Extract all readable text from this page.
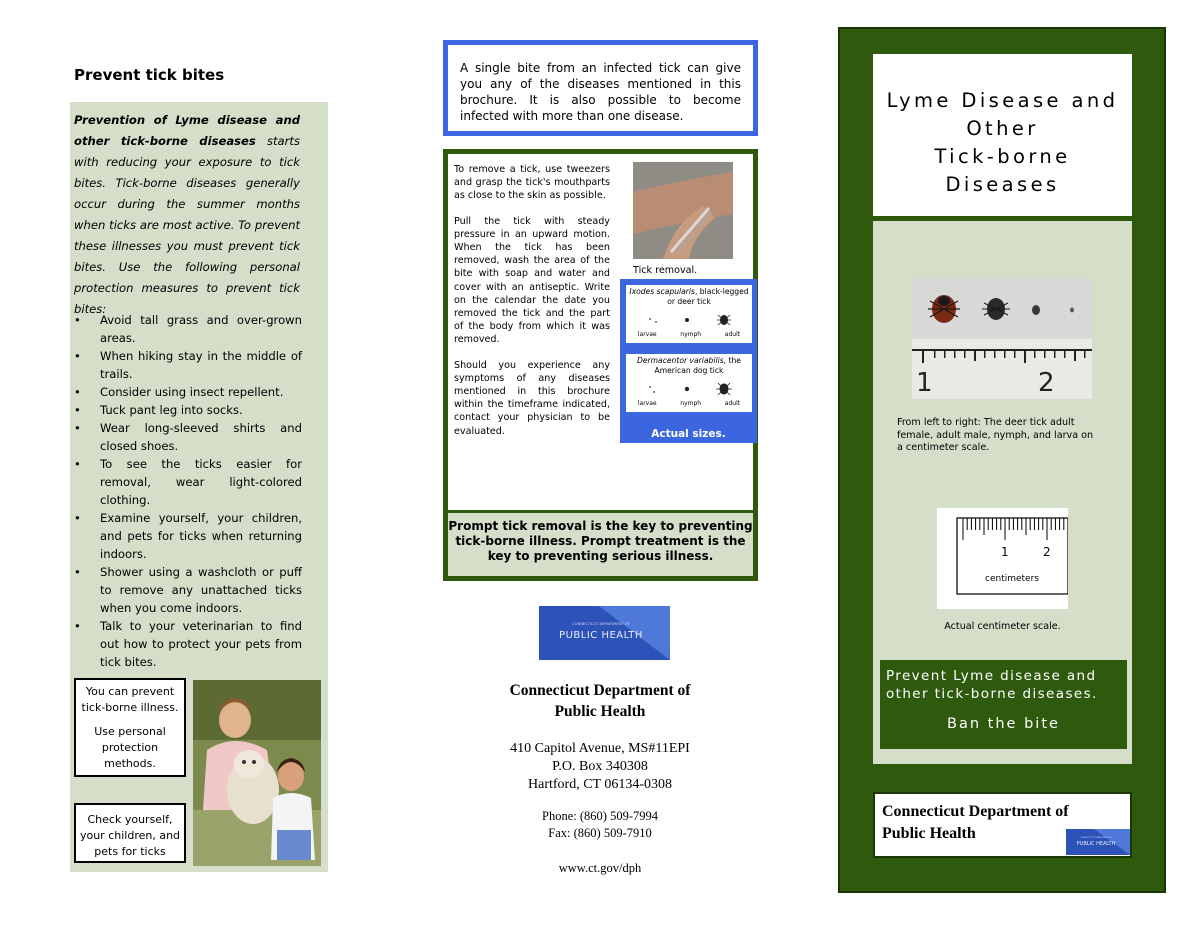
Prevent tick bites
Prevention of Lyme disease and other tick-borne diseases starts with reducing your exposure to tick bites. Tick-borne diseases generally occur during the summer months when ticks are most active. To prevent these illnesses you must prevent tick bites. Use the following personal protection measures to prevent tick bites:
• Avoid tall grass and over-grown areas.
• When hiking stay in the middle of trails.
• Consider using insect repellent.
• Tuck pant leg into socks.
• Wear long-sleeved shirts and closed shoes.
• To see the ticks easier for removal, wear light-colored clothing.
• Examine yourself, your children, and pets for ticks when returning indoors.
• Shower using a washcloth or puff to remove any unattached ticks when you come indoors.
• Talk to your veterinarian to find out how to protect your pets from tick bites.
You can prevent tick-borne illness.
Use personal protection methods.
Check yourself, your children, and pets for ticks
A single bite from an infected tick can give you any of the diseases mentioned in this brochure. It is also possible to become infected with more than one disease.

To remove a tick, use tweezers and grasp the tick's mouthparts as close to the skin as possible.

Pull the tick with steady pressure in an upward motion. When the tick has been removed, wash the area of the bite with soap and water and cover with an antiseptic. Write on the calendar the date you removed the tick and the part of the body from which it was removed.

Should you experience any symptoms of any diseases mentioned in this brochure within the timeframe indicated, contact your physician to be evaluated.

Tick removal.
Ixodes scapularis, black-legged or deer tick
larvae	nymph	adult
Dermacentor variabilis, the American dog tick
larvae	nymph	adult
Actual sizes.
Prompt tick removal is the key to preventing tick-borne illness. Prompt treatment is the key to preventing serious illness.
CONNECTICUT DEPARTMENT OF
PUBLIC HEALTH
Connecticut Department of
Public Health
410 Capitol Avenue, MS#11EPI
P.O. Box 340308
Hartford, CT 06134-0308
Phone: (860) 509-7994
Fax: (860) 509-7910
www.ct.gov/dph
Lyme Disease and
Other
Tick-borne
Diseases
1	2
From left to right: The deer tick adult female, adult male, nymph, and larva on a centimeter scale.
1	2
centimeters
Actual centimeter scale.
Prevent Lyme disease and other tick-borne diseases.
Ban the bite
Connecticut Department of
Public Health	CONNECTICUT DEPARTMENT OF
PUBLIC HEALTH
